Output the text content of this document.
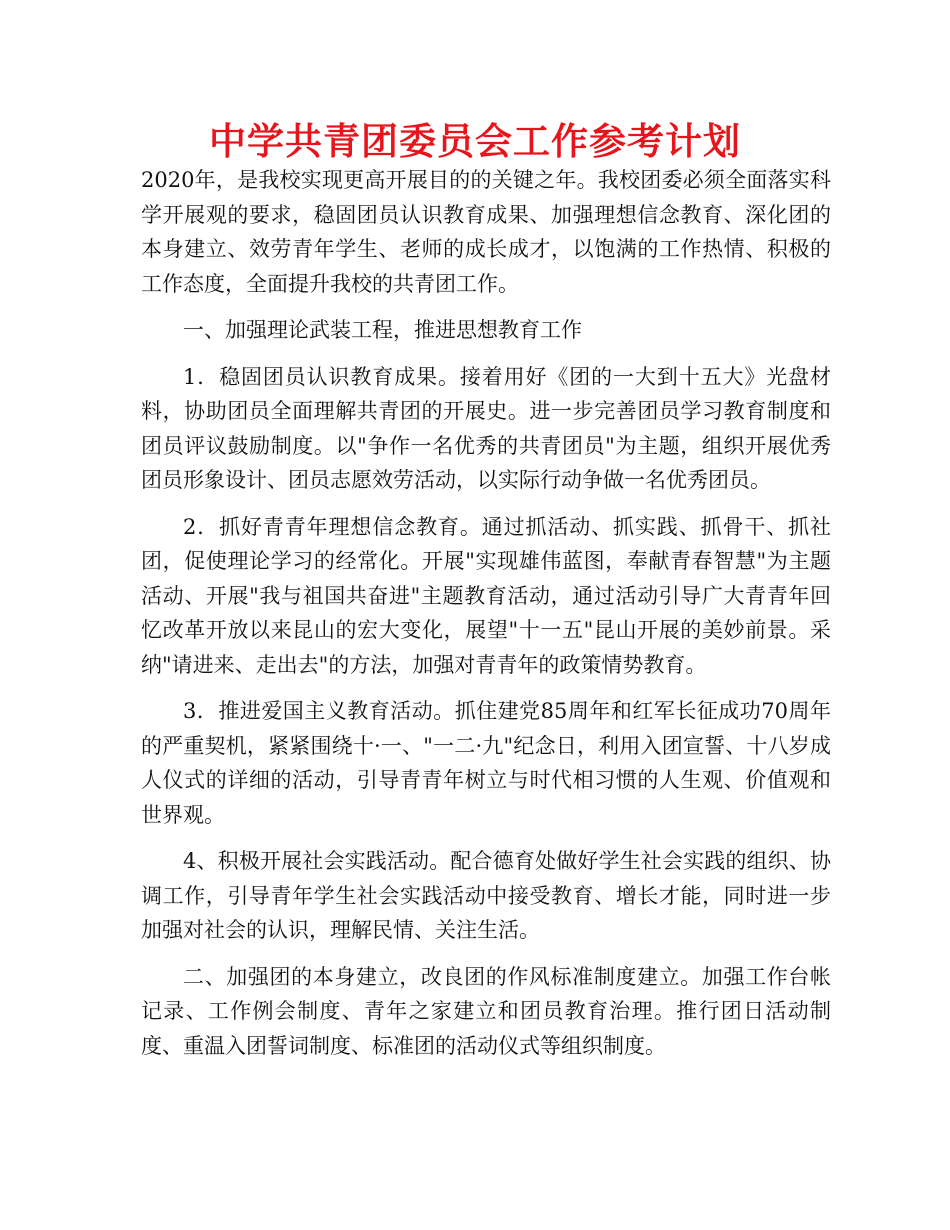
中学共青团委员会工作参考计划

2020年，是我校实现更高开展目的的关键之年。我校团委必须全面落实科学开展观的要求，稳固团员认识教育成果、加强理想信念教育、深化团的本身建立、效劳青年学生、老师的成长成才，以饱满的工作热情、积极的工作态度，全面提升我校的共青团工作。

一、加强理论武装工程，推进思想教育工作

1．稳固团员认识教育成果。接着用好《团的一大到十五大》光盘材料，协助团员全面理解共青团的开展史。进一步完善团员学习教育制度和团员评议鼓励制度。以"争作一名优秀的共青团员"为主题，组织开展优秀团员形象设计、团员志愿效劳活动，以实际行动争做一名优秀团员。

2．抓好青青年理想信念教育。通过抓活动、抓实践、抓骨干、抓社团，促使理论学习的经常化。开展"实现雄伟蓝图，奉献青春智慧"为主题活动、开展"我与祖国共奋进"主题教育活动，通过活动引导广大青青年回忆改革开放以来昆山的宏大变化，展望"十一五"昆山开展的美妙前景。采纳"请进来、走出去"的方法，加强对青青年的政策情势教育。

3．推进爱国主义教育活动。抓住建党85周年和红军长征成功70周年的严重契机，紧紧围绕十·一、"一二·九"纪念日，利用入团宣誓、十八岁成人仪式的详细的活动，引导青青年树立与时代相习惯的人生观、价值观和世界观。

4、积极开展社会实践活动。配合德育处做好学生社会实践的组织、协调工作，引导青年学生社会实践活动中接受教育、增长才能，同时进一步加强对社会的认识，理解民情、关注生活。

二、加强团的本身建立，改良团的作风标准制度建立。加强工作台帐记录、工作例会制度、青年之家建立和团员教育治理。推行团日活动制度、重温入团誓词制度、标准团的活动仪式等组织制度。
